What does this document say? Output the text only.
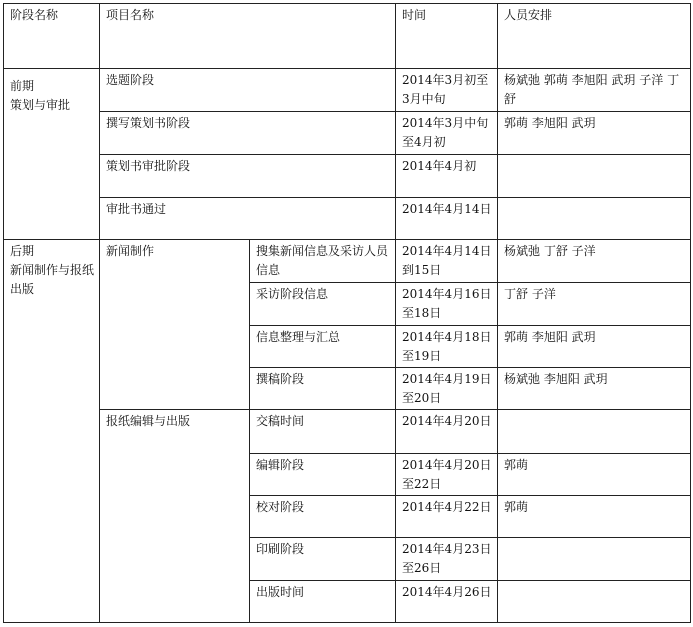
阶段名称	项目名称		时间	人员安排

前期
策划与审批	选题阶段		2014年3月初至3月中旬	杨斌弛 郭萌 李旭阳 武玥 子洋 丁舒

	撰写策划书阶段		2014年3月中旬至4月初	郭萌 李旭阳 武玥

	策划书审批阶段		2014年4月初	

	审批书通过		2014年4月14日	

后期
新闻制作与报纸出版	新闻制作	搜集新闻信息及采访人员信息	2014年4月14日到15日	杨斌弛 丁舒 子洋

		采访阶段信息	2014年4月16日至18日	丁舒 子洋

		信息整理与汇总	2014年4月18日至19日	郭萌 李旭阳 武玥

		撰稿阶段	2014年4月19日至20日	杨斌弛 李旭阳 武玥

	报纸编辑与出版	交稿时间	2014年4月20日	

		编辑阶段	2014年4月20日至22日	郭萌

		校对阶段	2014年4月22日	郭萌

		印刷阶段	2014年4月23日至26日	

		出版时间	2014年4月26日	
